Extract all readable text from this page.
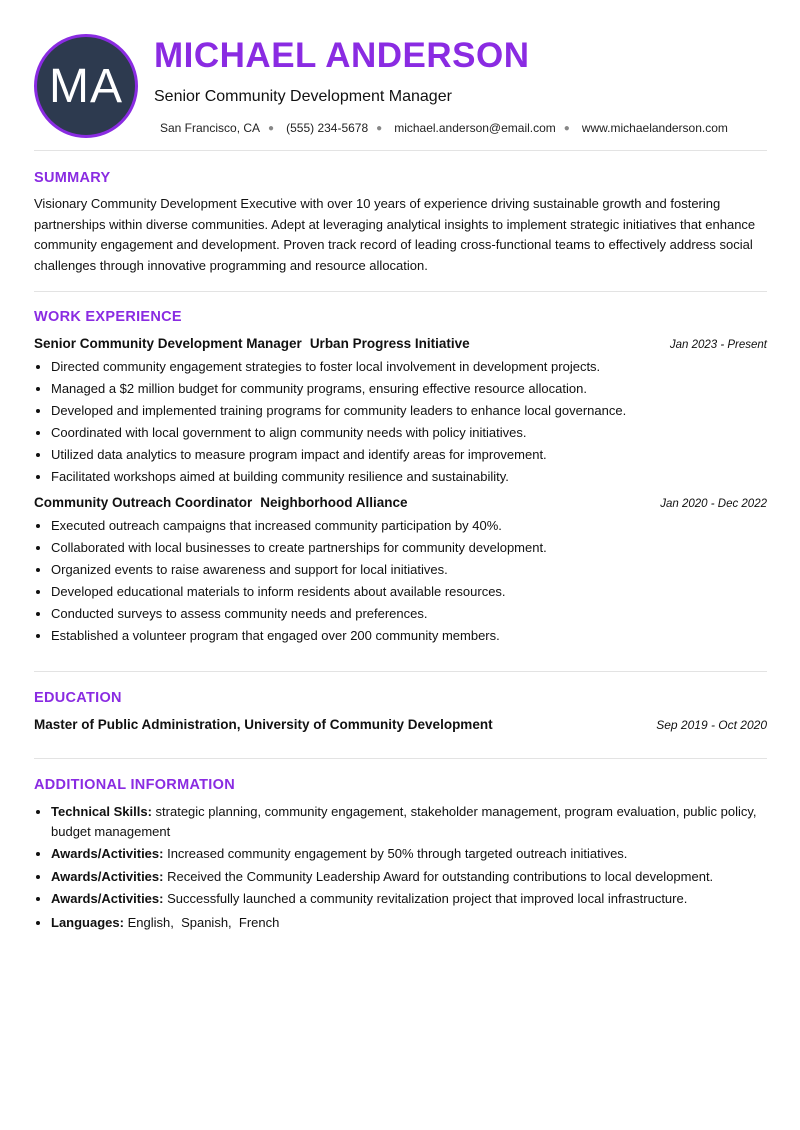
MA
MICHAEL ANDERSON
Senior Community Development Manager
San Francisco, CA ● (555) 234-5678 ● michael.anderson@email.com ● www.michaelanderson.com
SUMMARY

Visionary Community Development Executive with over 10 years of experience driving sustainable growth and fostering partnerships within diverse communities. Adept at leveraging analytical insights to implement strategic initiatives that enhance community engagement and development. Proven track record of leading cross-functional teams to effectively address social challenges through innovative programming and resource allocation.

WORK EXPERIENCE
Senior Community Development Manager Urban Progress Initiative	Jan 2023 - Present
• Directed community engagement strategies to foster local involvement in development projects.
• Managed a $2 million budget for community programs, ensuring effective resource allocation.
• Developed and implemented training programs for community leaders to enhance local governance.
• Coordinated with local government to align community needs with policy initiatives.
• Utilized data analytics to measure program impact and identify areas for improvement.
• Facilitated workshops aimed at building community resilience and sustainability.
Community Outreach Coordinator Neighborhood Alliance	Jan 2020 - Dec 2022
• Executed outreach campaigns that increased community participation by 40%.
• Collaborated with local businesses to create partnerships for community development.
• Organized events to raise awareness and support for local initiatives.
• Developed educational materials to inform residents about available resources.
• Conducted surveys to assess community needs and preferences.
• Established a volunteer program that engaged over 200 community members.
EDUCATION
Master of Public Administration, University of Community Development	Sep 2019 - Oct 2020
ADDITIONAL INFORMATION
• Technical Skills: strategic planning, community engagement, stakeholder management, program evaluation, public policy, budget management
• Awards/Activities: Increased community engagement by 50% through targeted outreach initiatives.
• Awards/Activities: Received the Community Leadership Award for outstanding contributions to local development.
• Awards/Activities: Successfully launched a community revitalization project that improved local infrastructure.
• Languages: English,  Spanish,  French
